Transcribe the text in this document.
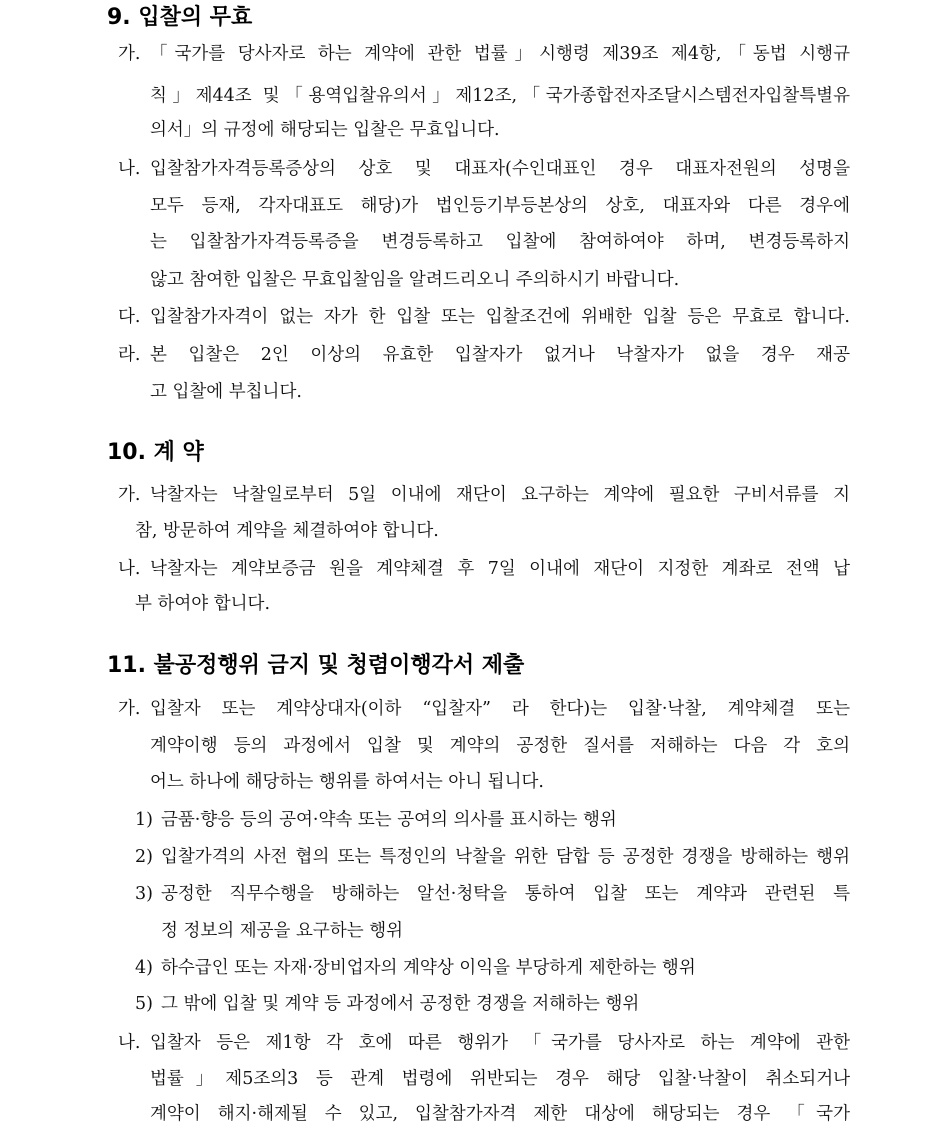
9. 입찰의 무효
가. 「국가를 당사자로 하는 계약에 관한 법률」시행령 제39조 제4항,「동법 시행규
칙」제44조 및「용역입찰유의서」제12조,「국가종합전자조달시스템전자입찰특별유
의서」의 규정에 해당되는 입찰은 무효입니다.
나. 입찰참가자격등록증상의 상호 및 대표자(수인대표인 경우 대표자전원의 성명을
모두 등재, 각자대표도 해당)가 법인등기부등본상의 상호, 대표자와 다른 경우에
는 입찰참가자격등록증을 변경등록하고 입찰에 참여하여야 하며, 변경등록하지
않고 참여한 입찰은 무효입찰임을 알려드리오니 주의하시기 바랍니다.
다. 입찰참가자격이 없는 자가 한 입찰 또는 입찰조건에 위배한 입찰 등은 무효로 합니다.
라. 본 입찰은 2인 이상의 유효한 입찰자가 없거나 낙찰자가 없을 경우 재공
고 입찰에 부칩니다.
10. 계 약
가. 낙찰자는 낙찰일로부터 5일 이내에 재단이 요구하는 계약에 필요한 구비서류를 지
참, 방문하여 계약을 체결하여야 합니다.
나. 낙찰자는 계약보증금 원을 계약체결 후 7일 이내에 재단이 지정한 계좌로 전액 납
부 하여야 합니다.
11. 불공정행위 금지 및 청렴이행각서 제출
가. 입찰자 또는 계약상대자(이하 “입찰자” 라 한다)는 입찰·낙찰, 계약체결 또는
계약이행 등의 과정에서 입찰 및 계약의 공정한 질서를 저해하는 다음 각 호의
어느 하나에 해당하는 행위를 하여서는 아니 됩니다.
1) 금품·향응 등의 공여·약속 또는 공여의 의사를 표시하는 행위
2) 입찰가격의 사전 협의 또는 특정인의 낙찰을 위한 담합 등 공정한 경쟁을 방해하는 행위
3) 공정한 직무수행을 방해하는 알선·청탁을 통하여 입찰 또는 계약과 관련된 특
정 정보의 제공을 요구하는 행위
4) 하수급인 또는 자재·장비업자의 계약상 이익을 부당하게 제한하는 행위
5) 그 밖에 입찰 및 계약 등 과정에서 공정한 경쟁을 저해하는 행위
나. 입찰자 등은 제1항 각 호에 따른 행위가 「국가를 당사자로 하는 계약에 관한
법률」제5조의3 등 관계 법령에 위반되는 경우 해당 입찰·낙찰이 취소되거나
계약이 해지·해제될 수 있고, 입찰참가자격 제한 대상에 해당되는 경우 「국가
